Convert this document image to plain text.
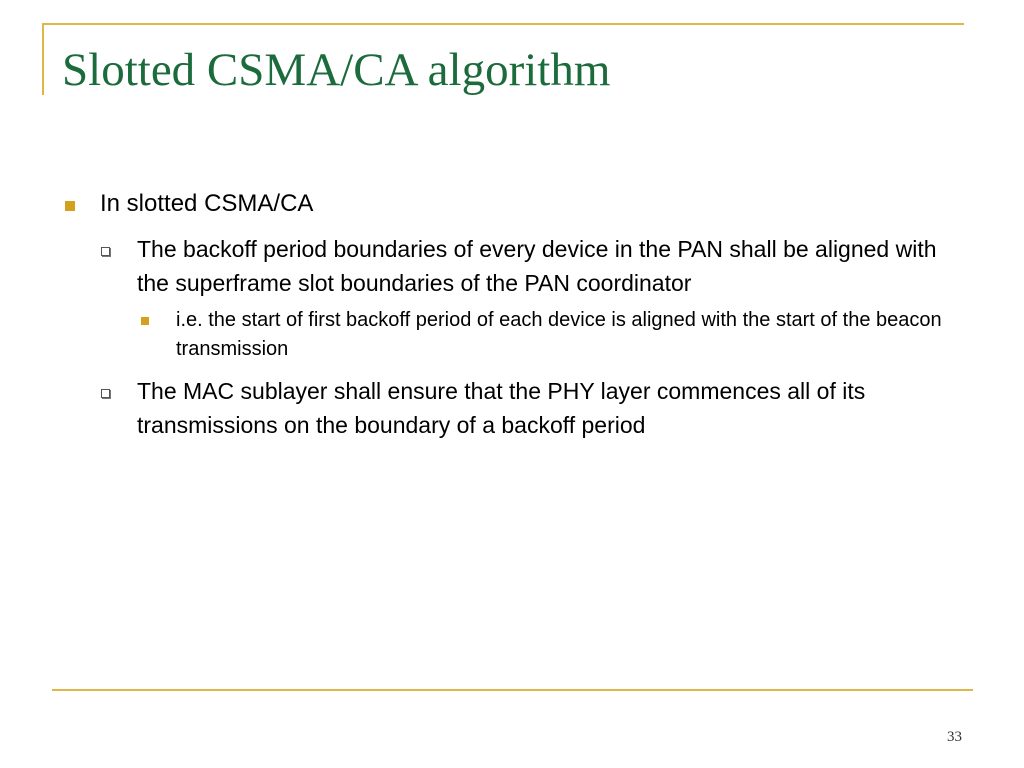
Slotted CSMA/CA algorithm
In slotted CSMA/CA
The backoff period boundaries of every device in the PAN shall be aligned with the superframe slot boundaries of the PAN coordinator
i.e. the start of first backoff period of each device is aligned with the start of the beacon transmission
The MAC sublayer shall ensure that the PHY layer commences all of its transmissions on the boundary of a backoff period
33
